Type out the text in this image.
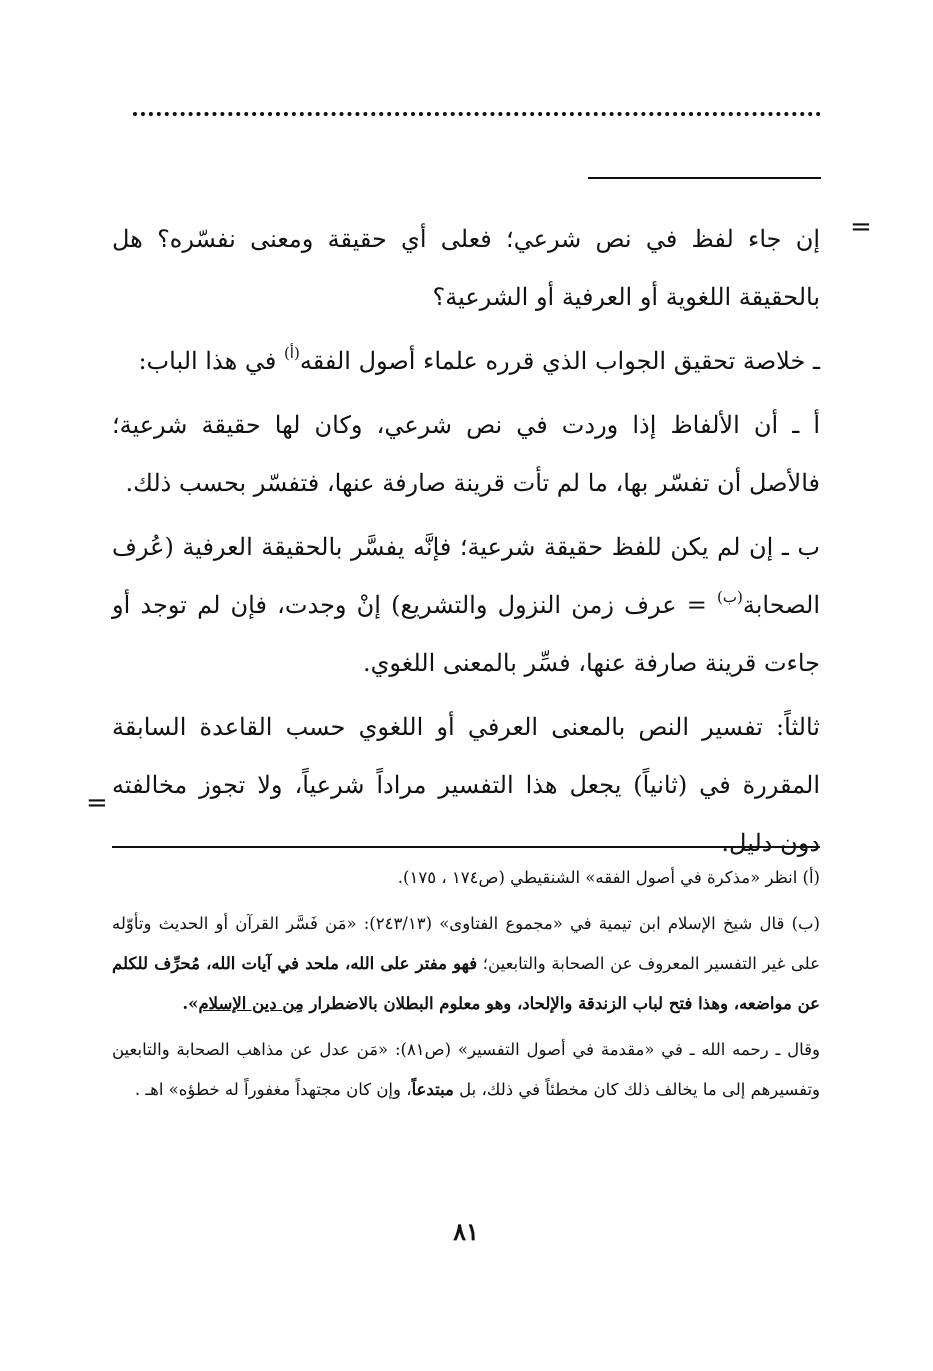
=
=

إن جاء لفظ في نص شرعي؛ فعلى أي حقيقة ومعنى نفسّره؟ هل بالحقيقة اللغوية أو العرفية أو الشرعية؟

ـ خلاصة تحقيق الجواب الذي قرره علماء أصول الفقه$^{(أ)}$ في هذا الباب:

أ ـ أن الألفاظ إذا وردت في نص شرعي، وكان لها حقيقة شرعية؛ فالأصل أن تفسّر بها، ما لم تأت قرينة صارفة عنها، فتفسّر بحسب ذلك.

ب ـ إن لم يكن للفظ حقيقة شرعية؛ فإنَّه يفسَّر بالحقيقة العرفية (عُرف الصحابة$^{(ب)}$ = عرف زمن النزول والتشريع) إنْ وجدت، فإن لم توجد أو جاءت قرينة صارفة عنها، فسِّر بالمعنى اللغوي.

ثالثاً: تفسير النص بالمعنى العرفي أو اللغوي حسب القاعدة السابقة المقررة في (ثانياً) يجعل هذا التفسير مراداً شرعياً، ولا تجوز مخالفته دون دليل.

(أ) انظر «مذكرة في أصول الفقه» الشنقيطي (ص١٧٤ ، ١٧٥).

(ب) قال شيخ الإسلام ابن تيمية في «مجموع الفتاوى» (٢٤٣/١٣): «مَن فَسَّر القرآن أو الحديث وتأوّله على غير التفسير المعروف عن الصحابة والتابعين؛ فهو مفتر على الله، ملحد في آيات الله، مُحرِّف للكلم عن مواضعه، وهذا فتح لباب الزندقة والإلحاد، وهو معلوم البطلان بالاضطرار مِن دين الإسلام».

وقال ـ رحمه الله ـ في «مقدمة في أصول التفسير» (ص٨١): «مَن عدل عن مذاهب الصحابة والتابعين وتفسيرهم إلى ما يخالف ذلك كان مخطئاً في ذلك، بل مبتدعاً، وإن كان مجتهداً مغفوراً له خطؤه» اهـ .

٨١
